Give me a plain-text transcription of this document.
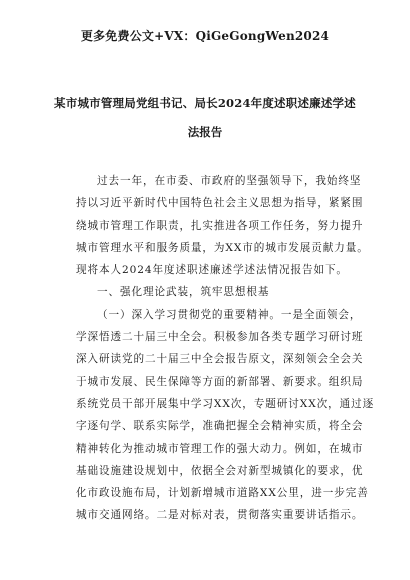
更多免费公文+VX：QiGeGongWen2024
某市城市管理局党组书记、局长2024年度述职述廉述学述
法报告
过去一年，在市委、市政府的坚强领导下，我始终坚
持以习近平新时代中国特色社会主义思想为指导，紧紧围
绕城市管理工作职责，扎实推进各项工作任务，努力提升
城市管理水平和服务质量，为XX市的城市发展贡献力量。
现将本人2024年度述职述廉述学述法情况报告如下。
一、强化理论武装，筑牢思想根基
（一）深入学习贯彻党的重要精神。一是全面领会，
学深悟透二十届三中全会。积极参加各类专题学习研讨班
深入研读党的二十届三中全会报告原文，深刻领会全会关
于城市发展、民生保障等方面的新部署、新要求。组织局
系统党员干部开展集中学习XX次，专题研讨XX次，通过逐
字逐句学、联系实际学，准确把握全会精神实质，将全会
精神转化为推动城市管理工作的强大动力。例如，在城市
基础设施建设规划中，依据全会对新型城镇化的要求，优
化市政设施布局，计划新增城市道路XX公里，进一步完善
城市交通网络。二是对标对表，贯彻落实重要讲话指示。
